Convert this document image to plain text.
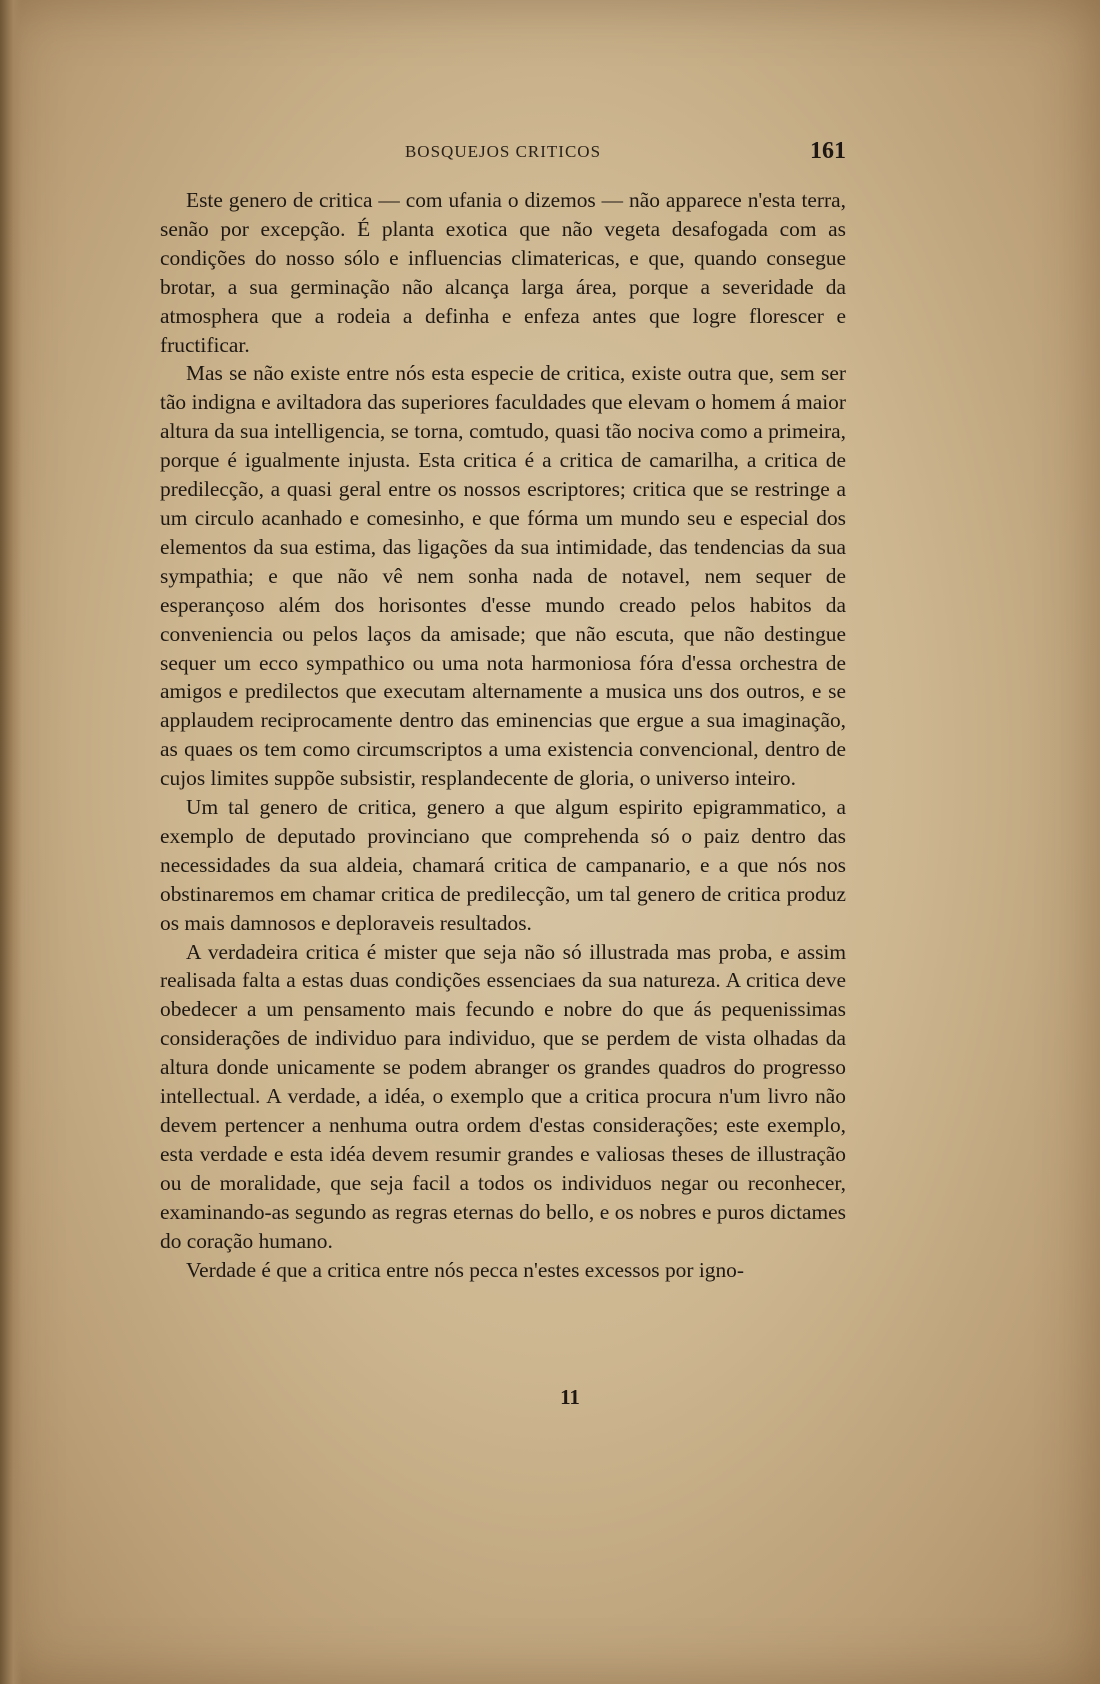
BOSQUEJOS CRITICOS	161

Este genero de critica — com ufania o dizemos — não apparece n'esta terra, senão por excepção. É planta exotica que não vegeta desafogada com as condições do nosso sólo e influencias climatericas, e que, quando consegue brotar, a sua germinação não alcança larga área, porque a severidade da atmosphera que a rodeia a definha e enfeza antes que logre florescer e fructificar.

Mas se não existe entre nós esta especie de critica, existe outra que, sem ser tão indigna e aviltadora das superiores faculdades que elevam o homem á maior altura da sua intelligencia, se torna, comtudo, quasi tão nociva como a primeira, porque é igualmente injusta. Esta critica é a critica de camarilha, a critica de predilecção, a quasi geral entre os nossos escriptores; critica que se restringe a um circulo acanhado e comesinho, e que fórma um mundo seu e especial dos elementos da sua estima, das ligações da sua intimidade, das tendencias da sua sympathia; e que não vê nem sonha nada de notavel, nem sequer de esperançoso além dos horisontes d'esse mundo creado pelos habitos da conveniencia ou pelos laços da amisade; que não escuta, que não destingue sequer um ecco sympathico ou uma nota harmoniosa fóra d'essa orchestra de amigos e predilectos que executam alternamente a musica uns dos outros, e se applaudem reciprocamente dentro das eminencias que ergue a sua imaginação, as quaes os tem como circumscriptos a uma existencia convencional, dentro de cujos limites suppõe subsistir, resplandecente de gloria, o universo inteiro.

Um tal genero de critica, genero a que algum espirito epigrammatico, a exemplo de deputado provinciano que comprehenda só o paiz dentro das necessidades da sua aldeia, chamará critica de campanario, e a que nós nos obstinaremos em chamar critica de predilecção, um tal genero de critica produz os mais damnosos e deploraveis resultados.

A verdadeira critica é mister que seja não só illustrada mas proba, e assim realisada falta a estas duas condições essenciaes da sua natureza. A critica deve obedecer a um pensamento mais fecundo e nobre do que ás pequenissimas considerações de individuo para individuo, que se perdem de vista olhadas da altura donde unicamente se podem abranger os grandes quadros do progresso intellectual. A verdade, a idéa, o exemplo que a critica procura n'um livro não devem pertencer a nenhuma outra ordem d'estas considerações; este exemplo, esta verdade e esta idéa devem resumir grandes e valiosas theses de illustração ou de moralidade, que seja facil a todos os individuos negar ou reconhecer, examinando-as segundo as regras eternas do bello, e os nobres e puros dictames do coração humano.

Verdade é que a critica entre nós pecca n'estes excessos por igno-

11
